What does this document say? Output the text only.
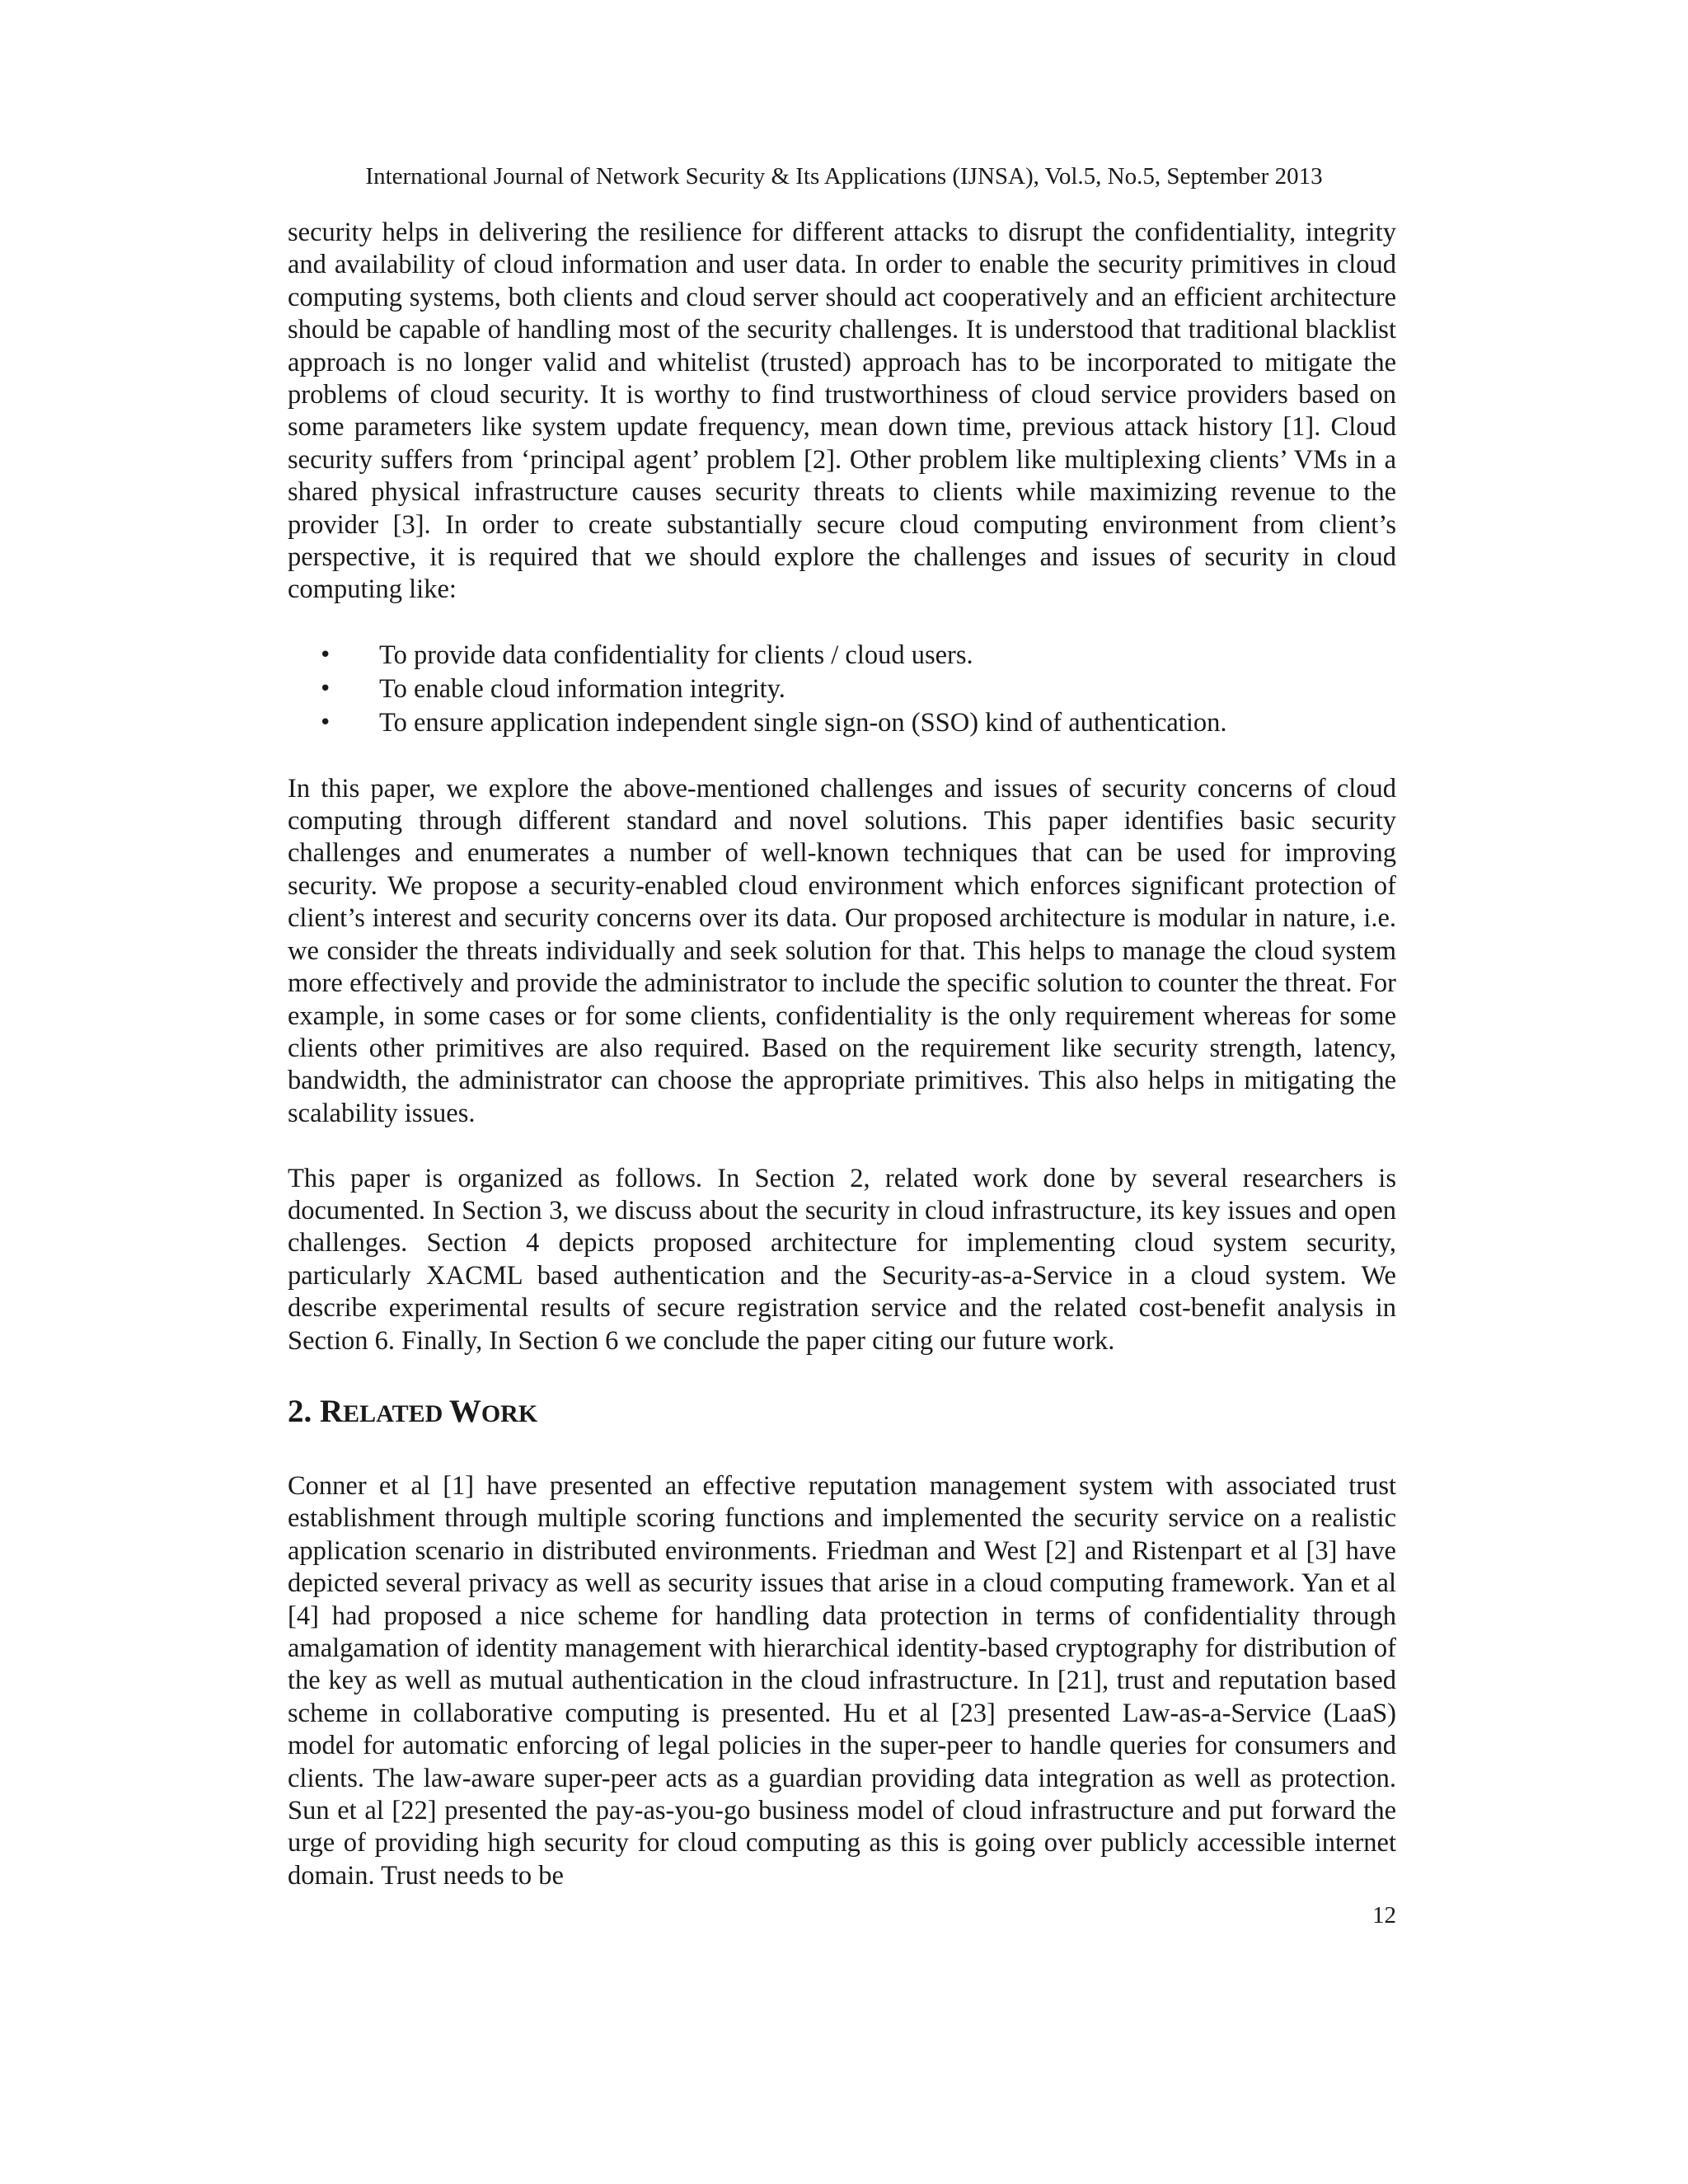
International Journal of Network Security & Its Applications (IJNSA), Vol.5, No.5, September 2013

security helps in delivering the resilience for different attacks to disrupt the confidentiality, integrity and availability of cloud information and user data. In order to enable the security primitives in cloud computing systems, both clients and cloud server should act cooperatively and an efficient architecture should be capable of handling most of the security challenges. It is understood that traditional blacklist approach is no longer valid and whitelist (trusted) approach has to be incorporated to mitigate the problems of cloud security. It is worthy to find trustworthiness of cloud service providers based on some parameters like system update frequency, mean down time, previous attack history [1]. Cloud security suffers from ‘principal agent’ problem [2]. Other problem like multiplexing clients’ VMs in a shared physical infrastructure causes security threats to clients while maximizing revenue to the provider [3]. In order to create substantially secure cloud computing environment from client’s perspective, it is required that we should explore the challenges and issues of security in cloud computing like:

•	To provide data confidentiality for clients / cloud users.
•	To enable cloud information integrity.
•	To ensure application independent single sign-on (SSO) kind of authentication.

In this paper, we explore the above-mentioned challenges and issues of security concerns of cloud computing through different standard and novel solutions. This paper identifies basic security challenges and enumerates a number of well-known techniques that can be used for improving security. We propose a security-enabled cloud environment which enforces significant protection of client’s interest and security concerns over its data. Our proposed architecture is modular in nature, i.e. we consider the threats individually and seek solution for that. This helps to manage the cloud system more effectively and provide the administrator to include the specific solution to counter the threat. For example, in some cases or for some clients, confidentiality is the only requirement whereas for some clients other primitives are also required. Based on the requirement like security strength, latency, bandwidth, the administrator can choose the appropriate primitives. This also helps in mitigating the scalability issues.

This paper is organized as follows. In Section 2, related work done by several researchers is documented. In Section 3, we discuss about the security in cloud infrastructure, its key issues and open challenges. Section 4 depicts proposed architecture for implementing cloud system security, particularly XACML based authentication and the Security-as-a-Service in a cloud system. We describe experimental results of secure registration service and the related cost-benefit analysis in Section 6. Finally, In Section 6 we conclude the paper citing our future work.

2. RELATED WORK

Conner et al [1] have presented an effective reputation management system with associated trust establishment through multiple scoring functions and implemented the security service on a realistic application scenario in distributed environments. Friedman and West [2] and Ristenpart et al [3] have depicted several privacy as well as security issues that arise in a cloud computing framework. Yan et al [4] had proposed a nice scheme for handling data protection in terms of confidentiality through amalgamation of identity management with hierarchical identity-based cryptography for distribution of the key as well as mutual authentication in the cloud infrastructure. In [21], trust and reputation based scheme in collaborative computing is presented. Hu et al [23] presented Law-as-a-Service (LaaS) model for automatic enforcing of legal policies in the super-peer to handle queries for consumers and clients. The law-aware super-peer acts as a guardian providing data integration as well as protection. Sun et al [22] presented the pay-as-you-go business model of cloud infrastructure and put forward the urge of providing high security for cloud computing as this is going over publicly accessible internet domain. Trust needs to be

12
